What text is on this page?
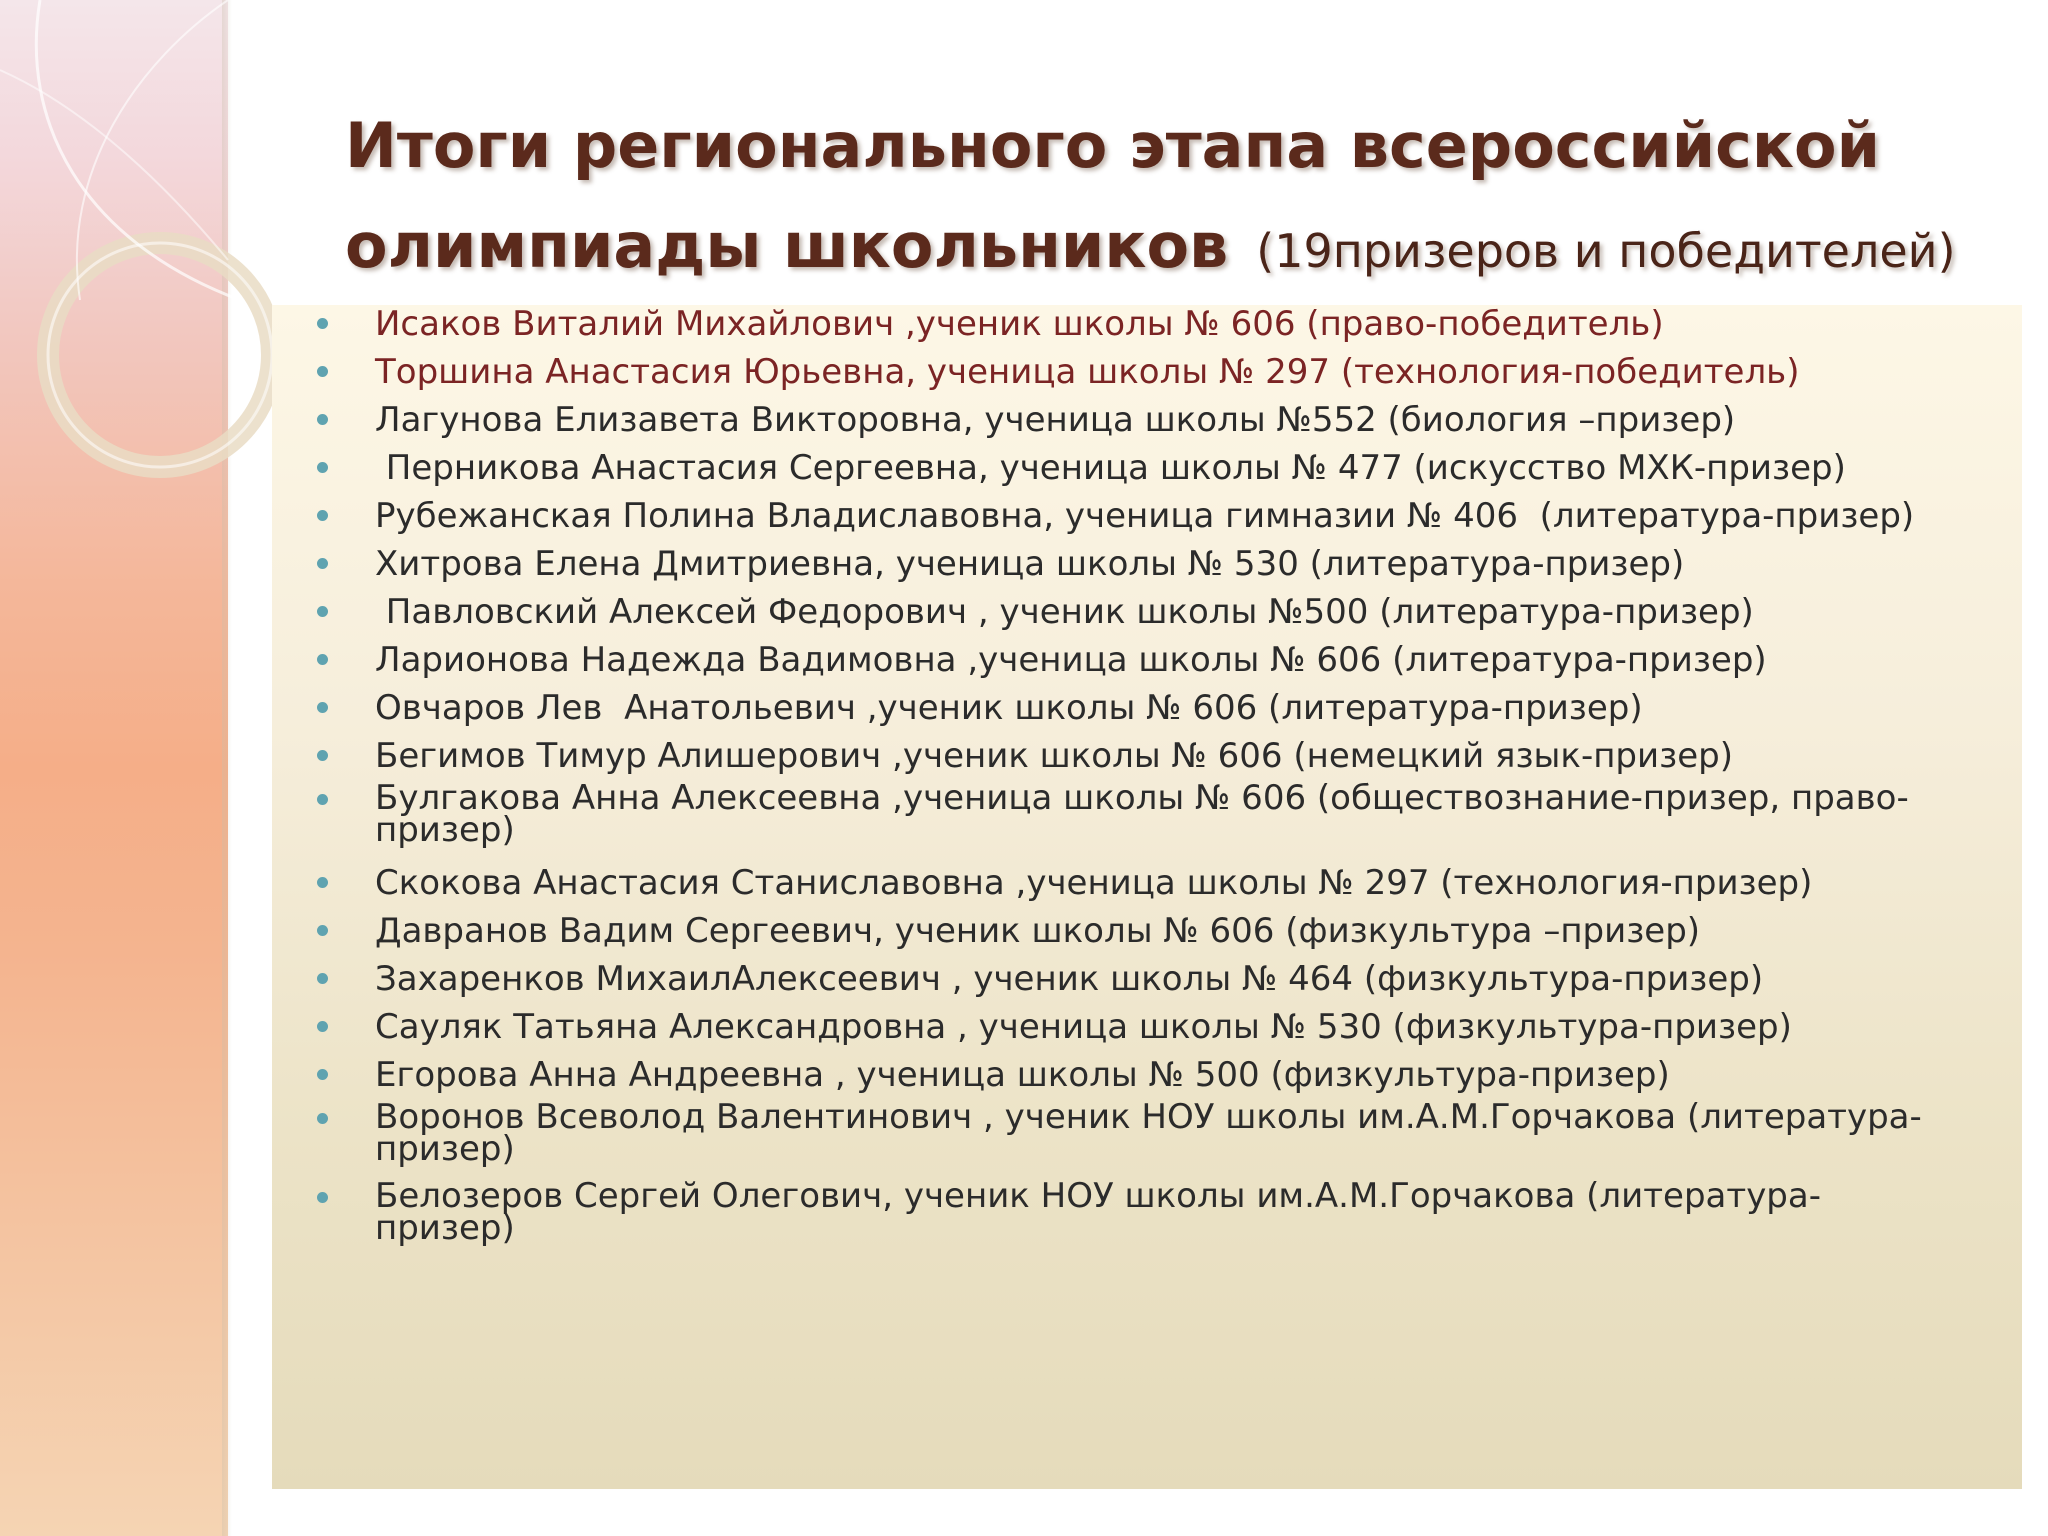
Итоги регионального этапа всероссийской
олимпиады школьников (19призеров и победителей)
Исаков Виталий Михайлович ,ученик школы № 606 (право-победитель)
Торшина Анастасия Юрьевна, ученица школы № 297 (технология-победитель)
Лагунова Елизавета Викторовна, ученица школы №552 (биология –призер)
Перникова Анастасия Сергеевна, ученица школы № 477 (искусство МХК-призер)
Рубежанская Полина Владиславовна, ученица гимназии № 406  (литература-призер)
Хитрова Елена Дмитриевна, ученица школы № 530 (литература-призер)
Павловский Алексей Федорович , ученик школы №500 (литература-призер)
Ларионова Надежда Вадимовна ,ученица школы № 606 (литература-призер)
Овчаров Лев  Анатольевич ,ученик школы № 606 (литература-призер)
Бегимов Тимур Алишерович ,ученик школы № 606 (немецкий язык-призер)
Булгакова Анна Алексеевна ,ученица школы № 606 (обществознание-призер, право-
призер)
Скокова Анастасия Станиславовна ,ученица школы № 297 (технология-призер)
Давранов Вадим Сергеевич, ученик школы № 606 (физкультура –призер)
Захаренков МихаилАлексеевич , ученик школы № 464 (физкультура-призер)
Сауляк Татьяна Александровна , ученица школы № 530 (физкультура-призер)
Егорова Анна Андреевна , ученица школы № 500 (физкультура-призер)
Воронов Всеволод Валентинович , ученик НОУ школы им.А.М.Горчакова (литература-
призер)
Белозеров Сергей Олегович, ученик НОУ школы им.А.М.Горчакова (литература-
призер)
